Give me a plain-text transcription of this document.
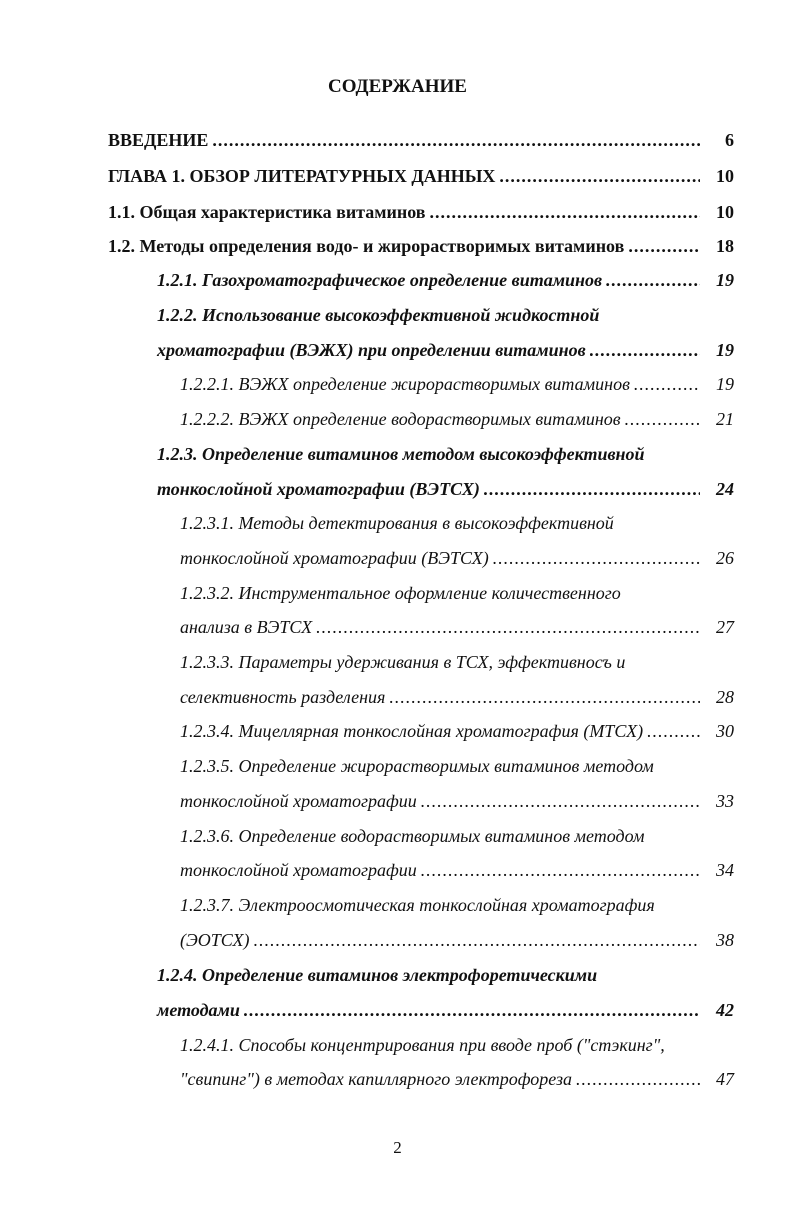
СОДЕРЖАНИЕ
ВВЕДЕНИЕ .....	6
ГЛАВА 1. ОБЗОР ЛИТЕРАТУРНЫХ ДАННЫХ .....	10
1.1. Общая характеристика витаминов .....	10
1.2. Методы определения водо- и жирорастворимых витаминов .....	18
1.2.1. Газохроматографическое определение витаминов .....	19
1.2.2. Использование высокоэффективной жидкостной
хроматографии (ВЭЖХ) при определении витаминов .....	19
1.2.2.1. ВЭЖХ определение жирорастворимых витаминов .....	19
1.2.2.2. ВЭЖХ определение водорастворимых витаминов .....	21
1.2.3. Определение витаминов методом высокоэффективной
тонкослойной хроматографии (ВЭТСХ) .....	24
1.2.3.1. Методы детектирования в высокоэффективной
тонкослойной хроматографии (ВЭТСХ) .....	26
1.2.3.2. Инструментальное оформление количественного
анализа в ВЭТСХ .....	27
1.2.3.3. Параметры удерживания в ТСХ, эффективносъ и
селективность разделения .....	28
1.2.3.4. Мицеллярная тонкослойная хроматография (МТСХ) .....	30
1.2.3.5. Определение жирорастворимых витаминов методом
тонкослойной хроматографии .....	33
1.2.3.6. Определение водорастворимых витаминов методом
тонкослойной хроматографии .....	34
1.2.3.7. Электроосмотическая тонкослойная хроматография
(ЭОТСХ) .....	38
1.2.4. Определение витаминов электрофоретическими
методами .....	42
1.2.4.1. Способы концентрирования при вводе проб ("стэкинг",
"свипинг") в методах капиллярного электрофореза .....	47
2
